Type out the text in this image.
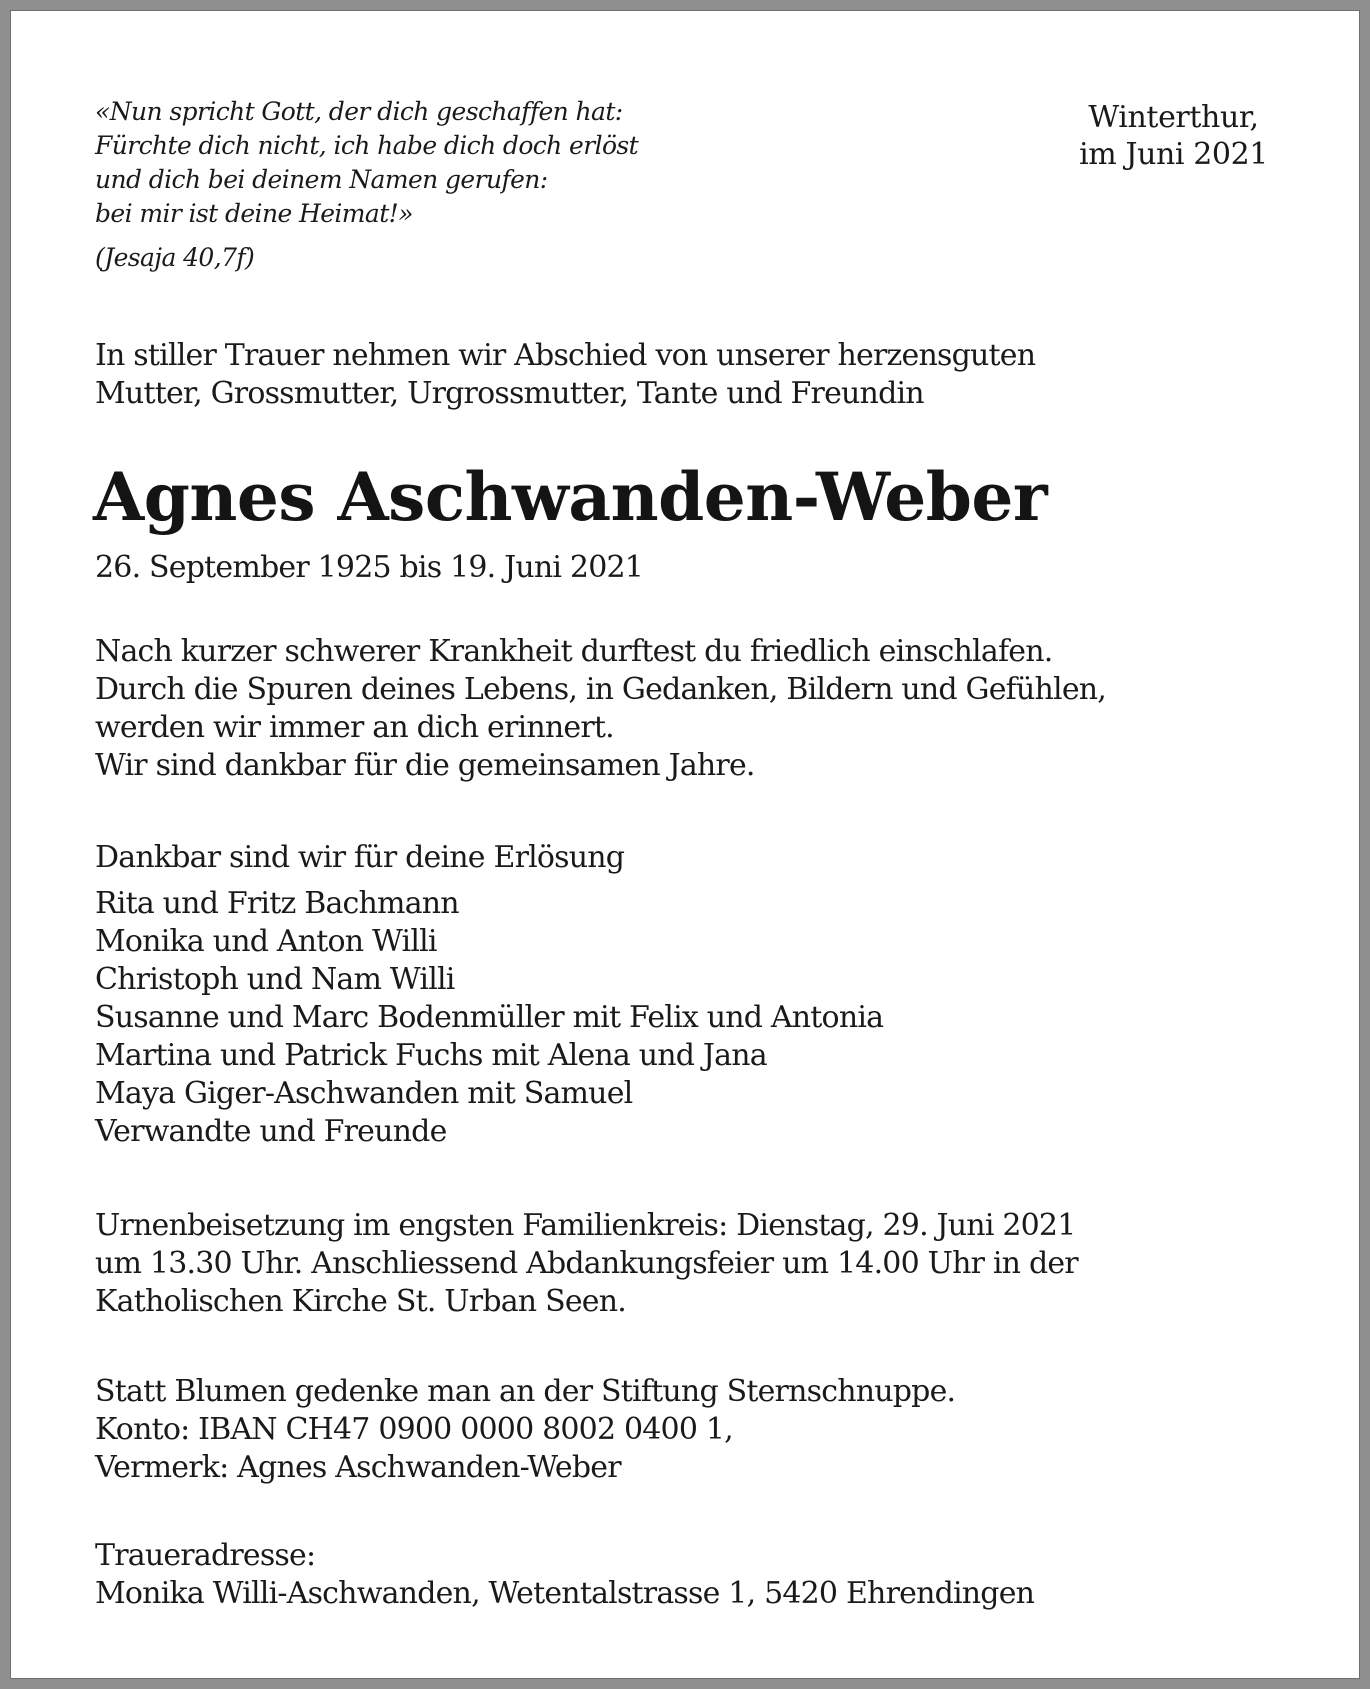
«Nun spricht Gott, der dich geschaffen hat:
Fürchte dich nicht, ich habe dich doch erlöst
und dich bei deinem Namen gerufen:
bei mir ist deine Heimat!»
(Jesaja 40,7f)
Winterthur,
im Juni 2021
In stiller Trauer nehmen wir Abschied von unserer herzensguten
Mutter, Grossmutter, Urgrossmutter, Tante und Freundin
Agnes Aschwanden-Weber
26. September 1925 bis 19. Juni 2021
Nach kurzer schwerer Krankheit durftest du friedlich einschlafen.
Durch die Spuren deines Lebens, in Gedanken, Bildern und Gefühlen,
werden wir immer an dich erinnert.
Wir sind dankbar für die gemeinsamen Jahre.
Dankbar sind wir für deine Erlösung
Rita und Fritz Bachmann
Monika und Anton Willi
Christoph und Nam Willi
Susanne und Marc Bodenmüller mit Felix und Antonia
Martina und Patrick Fuchs mit Alena und Jana
Maya Giger-Aschwanden mit Samuel
Verwandte und Freunde
Urnenbeisetzung im engsten Familienkreis: Dienstag, 29. Juni 2021
um 13.30 Uhr. Anschliessend Abdankungsfeier um 14.00 Uhr in der
Katholischen Kirche St. Urban Seen.
Statt Blumen gedenke man an der Stiftung Sternschnuppe.
Konto: IBAN CH47 0900 0000 8002 0400 1,
Vermerk: Agnes Aschwanden-Weber
Traueradresse:
Monika Willi-Aschwanden, Wetentalstrasse 1, 5420 Ehrendingen
